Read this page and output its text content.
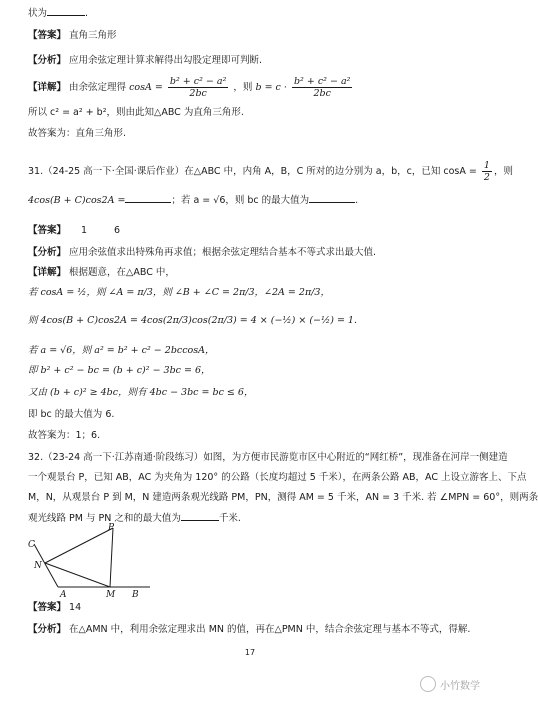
状为	.
【答案】 直角三角形
【分析】 应用余弦定理计算求解得出勾股定理即可判断.
【详解】 由余弦定理得 $\cos A = \frac{\text{b² + c² − a²}}{2bc}$ ，则 $b = c \cdot \frac{\text{b² + c² − a²}}{2bc}$
所以 c² = a² + b²，则由此知△ABC 为直角三角形.
故答案为：直角三角形.
31.（24-25 高一下·全国·课后作业）在△ABC 中，内角 A，B，C 所对的边分别为 a，b，c，已知 $\cos A = \frac{1}{2}$ ，则
4cos(B + C)cos2A =	；若 a = √6，则 bc 的最大值为	.
【答案】 1	6
【分析】 应用余弦值求出特殊角再求值；根据余弦定理结合基本不等式求出最大值.
【详解】 根据题意，在△ABC 中，
若 cosA = ½，则 ∠A = π/3，则 ∠B + ∠C = 2π/3，∠2A = 2π/3，
则 4cos(B + C)cos2A = 4cos(2π/3)cos(2π/3) = 4 × (−½) × (−½) = 1.
若 a = √6，则 a² = b² + c² − 2bccosA，
即 b² + c² − bc = (b + c)² − 3bc = 6，
又由 (b + c)² ≥ 4bc，则有 4bc − 3bc = bc ≤ 6，
即 bc 的最大值为 6.
故答案为：1；6.
32.（23-24 高一下·江苏南通·阶段练习）如图，为方便市民游览市区中心附近的“网红桥”，现准备在河岸一侧建造
一个观景台 P，已知 AB，AC 为夹角为 120° 的公路（长度均超过 5 千米），在两条公路 AB，AC 上设立游客上、下点
M，N，从观景台 P 到 M，N 建造两条观光线路 PM，PN，测得 AM = 5 千米，AN = 3 千米. 若 ∠MPN = 60°，则两条
观光线路 PM 与 PN 之和的最大值为	千米.
P
C
N
A	M B
【答案】 14
【分析】 在△AMN 中，利用余弦定理求出 MN 的值，再在△PMN 中，结合余弦定理与基本不等式，得解.
17
小竹数学
